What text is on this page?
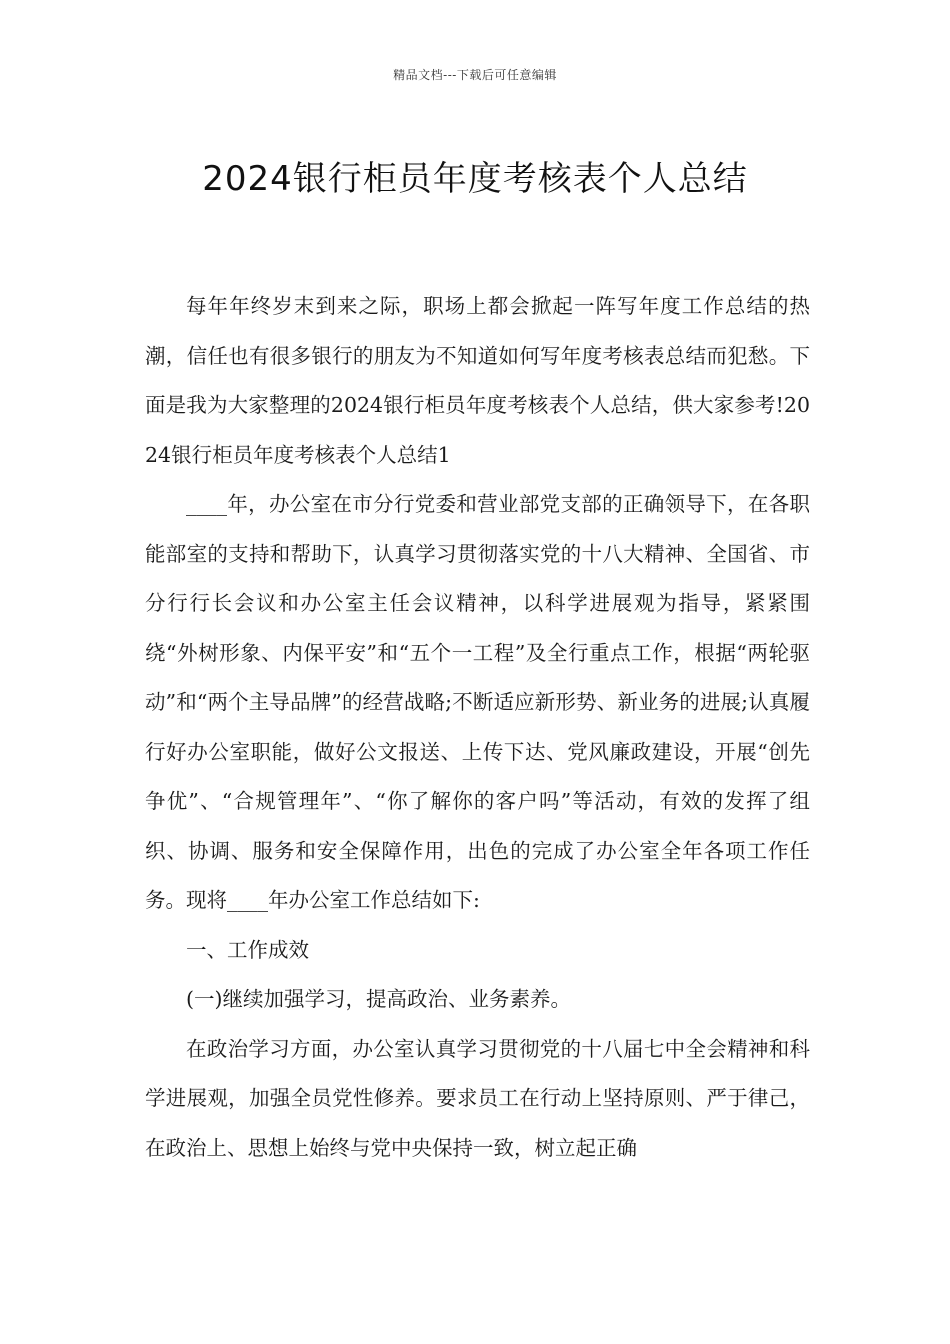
精品文档---下载后可任意编辑
2024银行柜员年度考核表个人总结

每年年终岁末到来之际，职场上都会掀起一阵写年度工作总结的热潮，信任也有很多银行的朋友为不知道如何写年度考核表总结而犯愁。下面是我为大家整理的2024银行柜员年度考核表个人总结，供大家参考!2024银行柜员年度考核表个人总结1

____年，办公室在市分行党委和营业部党支部的正确领导下，在各职能部室的支持和帮助下，认真学习贯彻落实党的十八大精神、全国省、市分行行长会议和办公室主任会议精神，以科学进展观为指导，紧紧围绕“外树形象、内保平安”和“五个一工程”及全行重点工作，根据“两轮驱动”和“两个主导品牌”的经营战略;不断适应新形势、新业务的进展;认真履行好办公室职能，做好公文报送、上传下达、党风廉政建设，开展“创先争优”、“合规管理年”、“你了解你的客户吗”等活动，有效的发挥了组织、协调、服务和安全保障作用，出色的完成了办公室全年各项工作任务。现将____年办公室工作总结如下:

一、工作成效

(一)继续加强学习，提高政治、业务素养。

在政治学习方面，办公室认真学习贯彻党的十八届七中全会精神和科学进展观，加强全员党性修养。要求员工在行动上坚持原则、严于律己，在政治上、思想上始终与党中央保持一致，树立起正确
